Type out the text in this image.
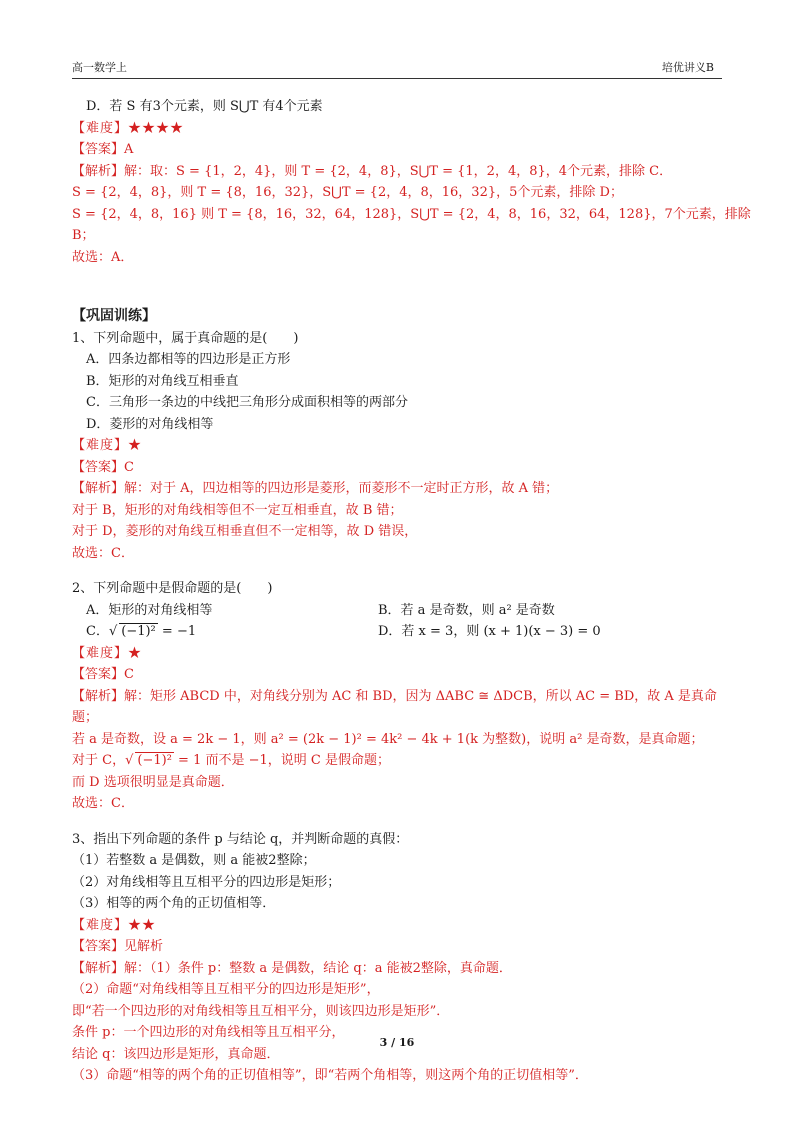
高一数学上	培优讲义B
D．若 S 有3个元素，则 S⋃T 有4个元素
【难度】★★★★
【答案】A
【解析】解：取：S = {1，2，4}，则 T = {2，4，8}，S⋃T = {1，2，4，8}，4个元素，排除 C．
S = {2，4，8}，则 T = {8，16，32}，S⋃T = {2，4，8，16，32}，5个元素，排除 D；
S = {2，4，8，16} 则 T = {8，16，32，64，128}，S⋃T = {2，4，8，16，32，64，128}，7个元素，排除
B；
故选：A．
【巩固训练】
1、下列命题中，属于真命题的是(　　)
A．四条边都相等的四边形是正方形
B．矩形的对角线互相垂直
C．三角形一条边的中线把三角形分成面积相等的两部分
D．菱形的对角线相等
【难度】★
【答案】C
【解析】解：对于 A，四边相等的四边形是菱形，而菱形不一定时正方形，故 A 错；
对于 B，矩形的对角线相等但不一定互相垂直，故 B 错；
对于 D，菱形的对角线互相垂直但不一定相等，故 D 错误，
故选：C．
2、下列命题中是假命题的是(　　)
A．矩形的对角线相等	B．若 a 是奇数，则 a² 是奇数
C．√ (−1)² = −1	D．若 x = 3，则 (x + 1)(x − 3) = 0
【难度】★
【答案】C
【解析】解：矩形 ABCD 中，对角线分别为 AC 和 BD，因为 ΔABC ≅ ΔDCB，所以 AC = BD，故 A 是真命
题；
若 a 是奇数，设 a = 2k − 1，则 a² = (2k − 1)² = 4k² − 4k + 1(k 为整数)，说明 a² 是奇数，是真命题；
对于 C，√ (−1)² = 1 而不是 −1，说明 C 是假命题；
而 D 选项很明显是真命题．
故选：C．
3、指出下列命题的条件 p 与结论 q，并判断命题的真假：
（1）若整数 a 是偶数，则 a 能被2整除；
（2）对角线相等且互相平分的四边形是矩形；
（3）相等的两个角的正切值相等．
【难度】★★
【答案】见解析
【解析】解：（1）条件 p：整数 a 是偶数，结论 q：a 能被2整除，真命题．
（2）命题“对角线相等且互相平分的四边形是矩形”，
即“若一个四边形的对角线相等且互相平分，则该四边形是矩形”．
条件 p：一个四边形的对角线相等且互相平分，
结论 q：该四边形是矩形，真命题．
（3）命题“相等的两个角的正切值相等”，即“若两个角相等，则这两个角的正切值相等”．
3 / 16
